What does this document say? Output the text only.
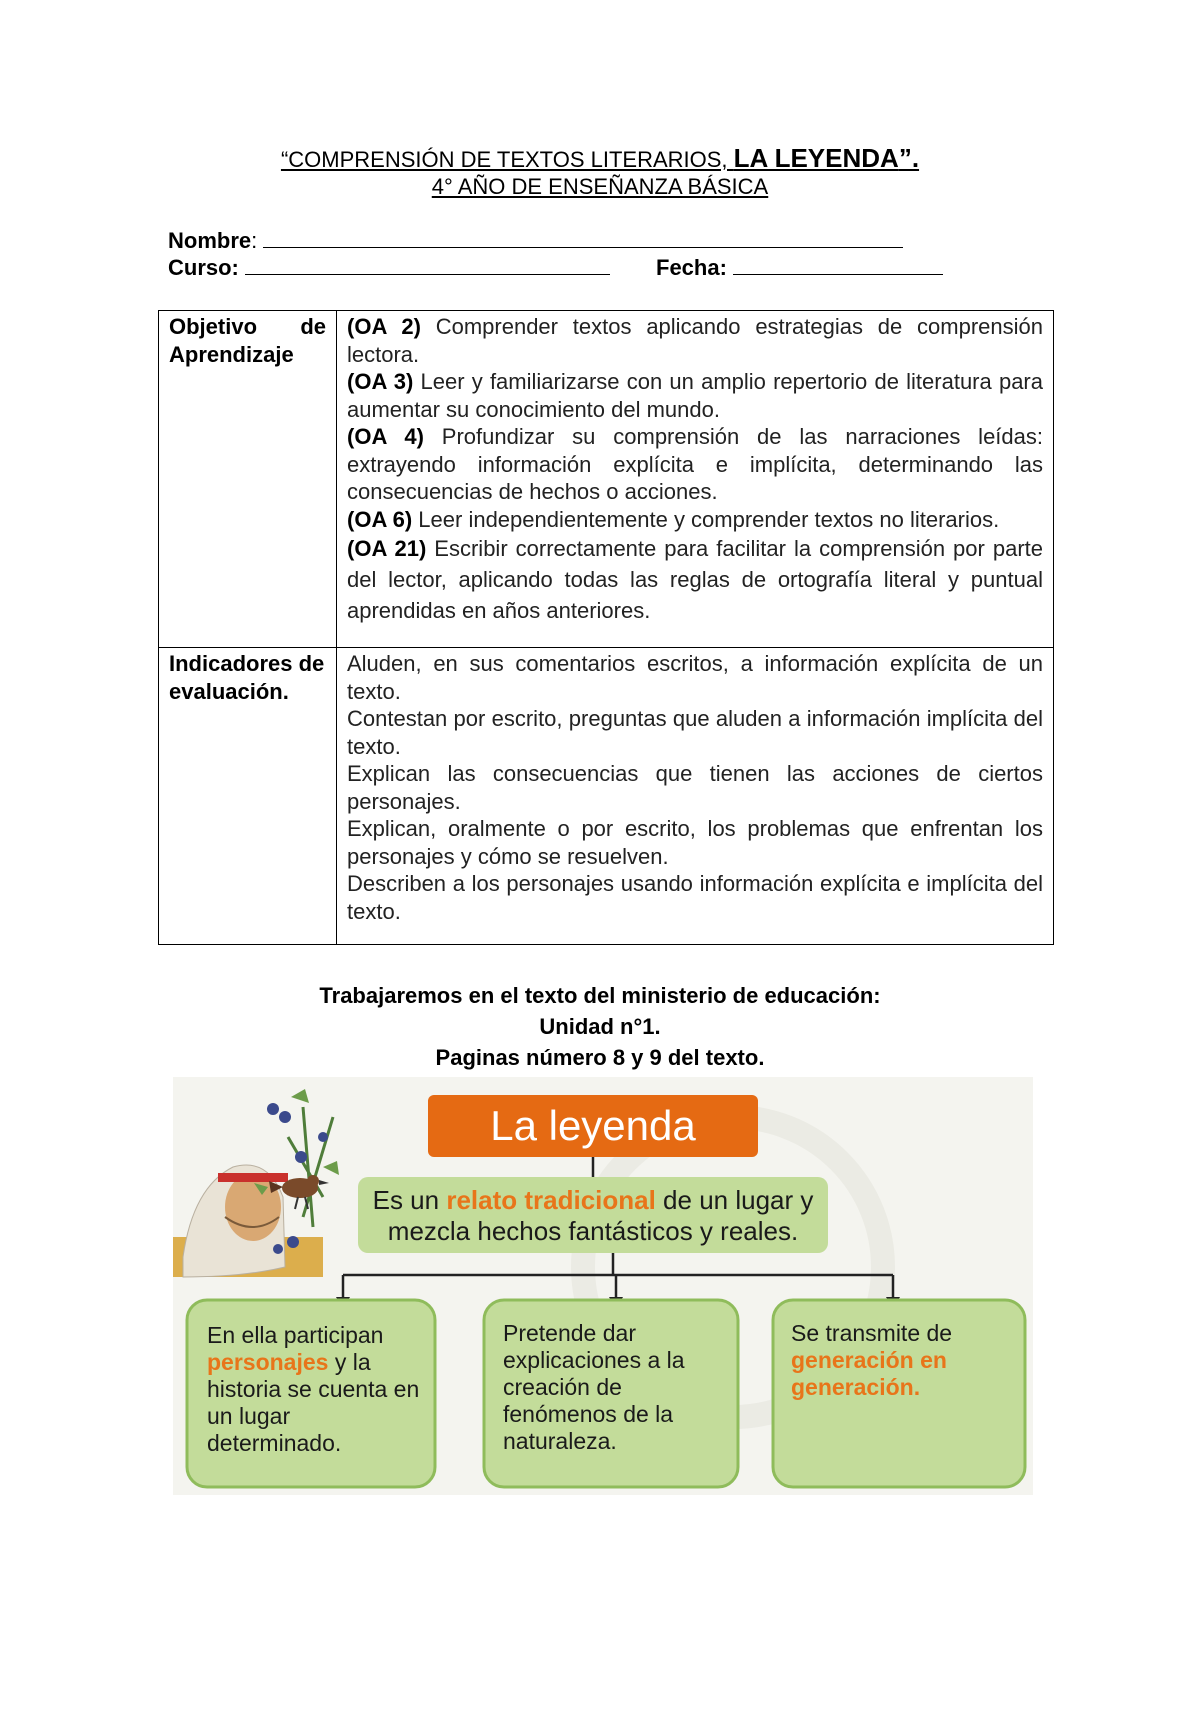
“COMPRENSIÓN DE TEXTOS LITERARIOS, LA LEYENDA”.
4° AÑO DE ENSEÑANZA BÁSICA
Nombre:
Curso:	Fecha:
Objetivo de Aprendizaje	(OA 2) Comprender textos aplicando estrategias de comprensión lectora.

(OA 3) Leer y familiarizarse con un amplio repertorio de literatura para aumentar su conocimiento del mundo.

(OA 4) Profundizar su comprensión de las narraciones leídas: extrayendo información explícita e implícita, determinando las consecuencias de hechos o acciones.

(OA 6) Leer independientemente y comprender textos no literarios.

(OA 21) Escribir correctamente para facilitar la comprensión por parte del lector, aplicando todas las reglas de ortografía literal y puntual aprendidas en años anteriores.

Indicadores de evaluación.	Aluden, en sus comentarios escritos, a información explícita de un texto.

Contestan por escrito, preguntas que aluden a información implícita del texto.

Explican las consecuencias que tienen las acciones de ciertos personajes.

Explican, oralmente o por escrito, los problemas que enfrentan los personajes y cómo se resuelven.

Describen a los personajes usando información explícita e implícita del texto.

Trabajaremos en el texto del ministerio de educación:
Unidad n°1.
Paginas número 8 y 9 del texto.
La leyenda
Es un relato tradicional de un lugar y mezcla hechos fantásticos y reales.
En ella participan personajes y la historia se cuenta en un lugar determinado.
Pretende dar explicaciones a la creación de fenómenos de la naturaleza.
Se transmite de generación en generación.
